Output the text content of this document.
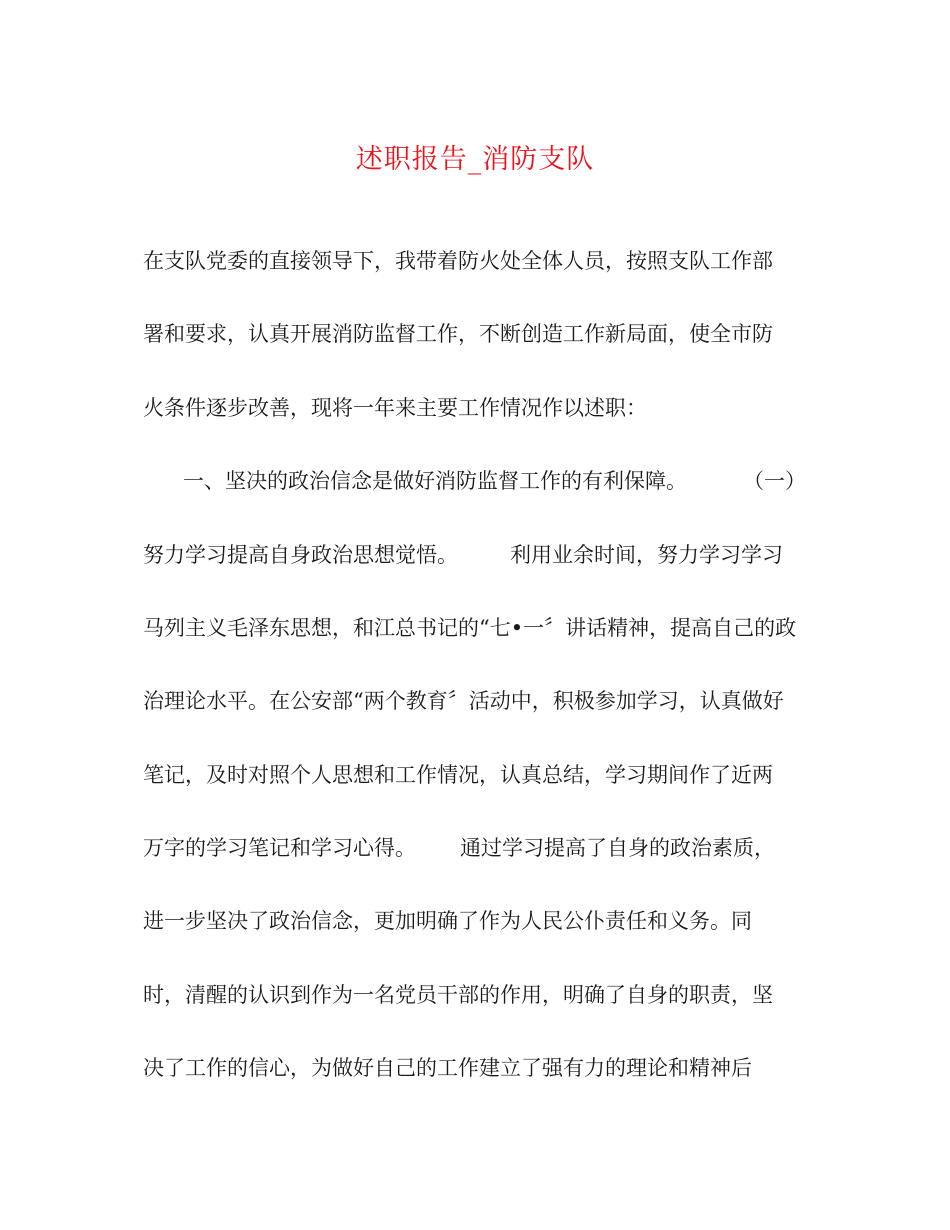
述职报告_消防支队
在支队党委的直接领导下，我带着防火处全体人员，按照支队工作部
署和要求，认真开展消防监督工作，不断创造工作新局面，使全市防
火条件逐步改善，现将一年来主要工作情况作以述职：
一、坚决的政治信念是做好消防监督工作的有利保障。	（一）
努力学习提高自身政治思想觉悟。 利用业余时间，努力学习学习
马列主义毛泽东思想，和江总书记的“七•一〞讲话精神，提高自己的政
治理论水平。在公安部“两个教育〞活动中，积极参加学习，认真做好
笔记，及时对照个人思想和工作情况，认真总结，学习期间作了近两
万字的学习笔记和学习心得。 通过学习提高了自身的政治素质，
进一步坚决了政治信念，更加明确了作为人民公仆责任和义务。同
时，清醒的认识到作为一名党员干部的作用，明确了自身的职责，坚
决了工作的信心，为做好自己的工作建立了强有力的理论和精神后
